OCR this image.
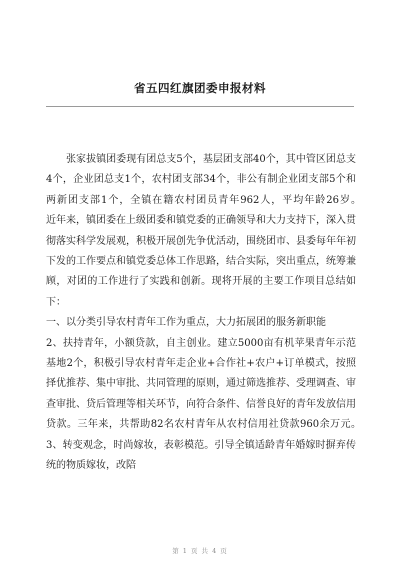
省五四红旗团委申报材料

张家拔镇团委现有团总支5个，基层团支部40个，其中管区团总支4个，企业团总支1个，农村团支部34个，非公有制企业团支部5个和两新团支部1个，全镇在籍农村团员青年962人，平均年龄26岁。　　近年来，镇团委在上级团委和镇党委的正确领导和大力支持下，深入贯彻落实科学发展观，积极开展创先争优活动，围绕团市、县委每年年初下发的工作要点和镇党委总体工作思路，结合实际，突出重点，统筹兼顾，对团的工作进行了实践和创新。现将开展的主要工作项目总结如下：

一、以分类引导农村青年工作为重点，大力拓展团的服务新职能

2、扶持青年，小额贷款，自主创业。建立5000亩有机苹果青年示范基地2个，积极引导农村青年走企业+合作社+农户+订单模式，按照择优推荐、集中审批、共同管理的原则，通过筛选推荐、受理调查、审查审批、贷后管理等相关环节，向符合条件、信誉良好的青年发放信用贷款。三年来，共帮助82名农村青年从农村信用社贷款960余万元。　　3、转变观念，时尚嫁妆，表彰模范。引导全镇适龄青年婚嫁时摒弃传统的物质嫁妆，改陪

第 1 页 共 4 页
